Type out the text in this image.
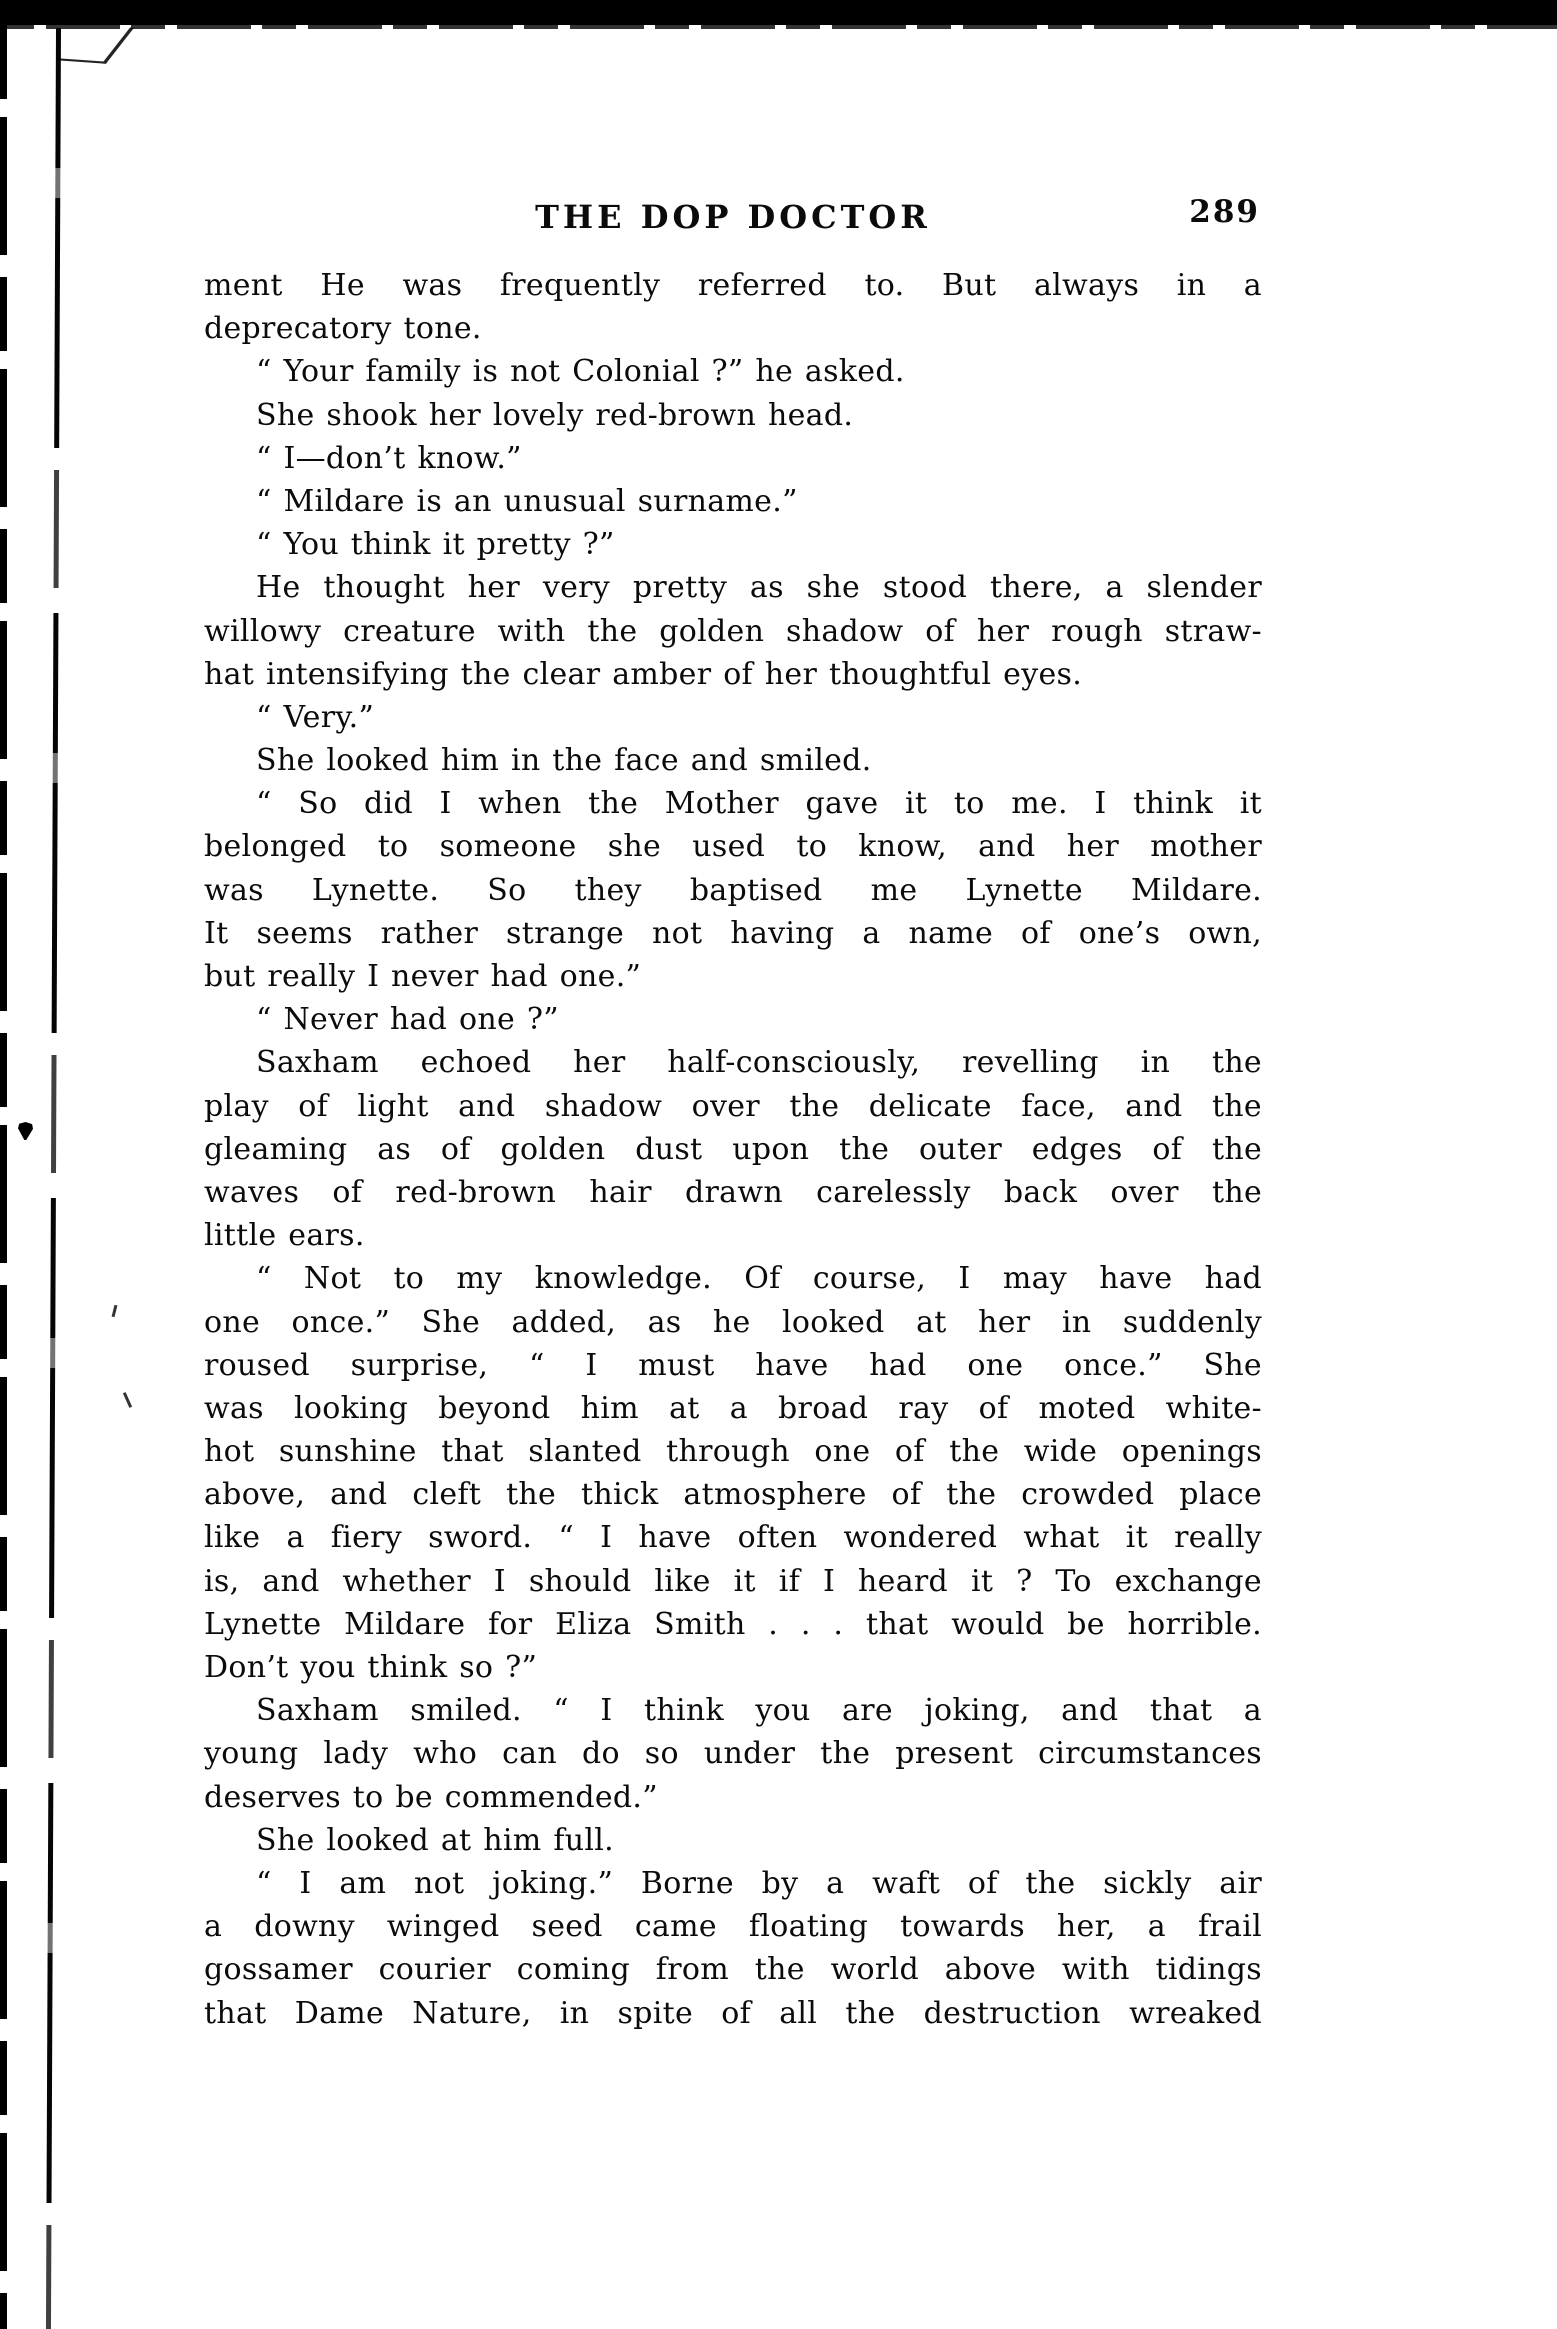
THE DOP DOCTOR	289
ment He was frequently referred to. But always in a
deprecatory tone.
“ Your family is not Colonial ?” he asked.
She shook her lovely red-brown head.
“ I—don’t know.”
“ Mildare is an unusual surname.”
“ You think it pretty ?”
He thought her very pretty as she stood there, a slender
willowy creature with the golden shadow of her rough straw-
hat intensifying the clear amber of her thoughtful eyes.
“ Very.”
She looked him in the face and smiled.
“ So did I when the Mother gave it to me. I think it
belonged to someone she used to know, and her mother
was Lynette. So they baptised me Lynette Mildare.
It seems rather strange not having a name of one’s own,
but really I never had one.”
“ Never had one ?”
Saxham echoed her half-consciously, revelling in the
play of light and shadow over the delicate face, and the
gleaming as of golden dust upon the outer edges of the
waves of red-brown hair drawn carelessly back over the
little ears.
“ Not to my knowledge. Of course, I may have had
one once.” She added, as he looked at her in suddenly
roused surprise, “ I must have had one once.” She
was looking beyond him at a broad ray of moted white-
hot sunshine that slanted through one of the wide openings
above, and cleft the thick atmosphere of the crowded place
like a fiery sword. “ I have often wondered what it really
is, and whether I should like it if I heard it ? To exchange
Lynette Mildare for Eliza Smith . . . that would be horrible.
Don’t you think so ?”
Saxham smiled. “ I think you are joking, and that a
young lady who can do so under the present circumstances
deserves to be commended.”
She looked at him full.
“ I am not joking.” Borne by a waft of the sickly air
a downy winged seed came floating towards her, a frail
gossamer courier coming from the world above with tidings
that Dame Nature, in spite of all the destruction wreaked
